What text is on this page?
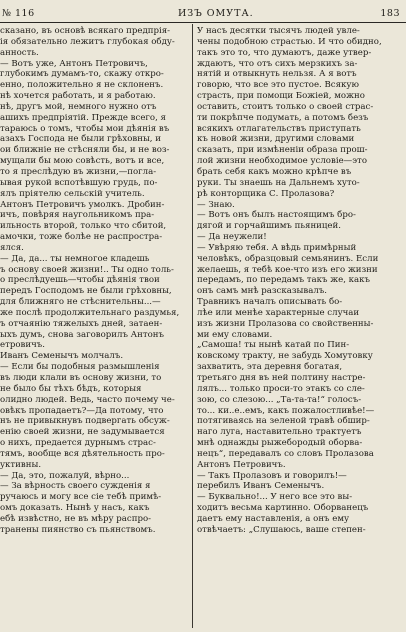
№ 116	ИЗЪ ОМУТА.	183
сказано, въ основѣ всякаго предпрія-
ія обязательно лежитъ глубокая обду-
анность.
— Вотъ уже, Антонъ Петровичъ,
глубокимъ думамъ-то, скажу откро-
енно, положительно я не склоненъ.
нѣ хочется работать, и я работаю.
нѣ, другъ мой, немного нужно отъ
ашихъ предпріятій. Прежде всего, я
тараюсь о томъ, чтобы мои дѣянія въ
азахъ Господа не были грѣховны, и
ои ближніе не стѣсняли бы, и не воз-
мущали бы мою совѣсть, вотъ и все,
то я преслѣдую въ жизни,—погла-
ывая рукой вспотѣвшую грудь, по-
ялъ пріятелю сельскій учитель.
Антонъ Петровичъ умолкъ. Дробин-
ичъ, повѣряя наугольникомъ пра-
ильность второй, только что сбитой,
амочки, тоже болѣе не распростра-
ялся.
— Да, да... ты немногое кладешь
ъ основу своей жизни!.. Ты одно толь-
о преслѣдуешь—чтобы дѣянія твои
передъ Господомъ не были грѣховны,
для ближняго не стѣснительны...—
же послѣ продолжительнаго раздумья,
ъ отчаянію тяжелыхъ дней, затаен-
ыхъ думъ, снова заговорилъ Антонъ
етровичъ.
Иванъ Семенычъ молчалъ.
— Если бы подобныя размышленія
въ люди клали въ основу жизни, то
не было бы тѣхъ бѣдъ, которыя
олидно людей. Ведь, часто почему че-
овѣкъ пропадаетъ?—Да потому, что
нъ не привыкнувъ подвергать обсуж-
енію своей жизни, не задумывается
о нихъ, предается дурнымъ страс-
тямъ, вообще вся дѣятельность про-
уктивны.
— Да, это, пожалуй, вѣрно...
— За вѣрность своего сужденія я
ручаюсь и могу все сіе тебѣ примѣ-
омъ доказать. Нынѣ у насъ, какъ
ебѣ извѣстно, не въ мѣру распро-
транены пиянство съ пьянствомъ.
У насъ десятки тысячъ людей увле-
чены подобною страстью. И что обидно,
такъ это то, что думаютъ, даже утвер-
ждаютъ, что отъ сихъ мерзкихъ за-
нятій и отвыкнуть нельзя. А я вотъ
говорю, что все это пустое. Всякую
страсть, при помощи Божіей, можно
оставить, стоитъ только о своей страс-
ти покрѣпче подумать, а потомъ безъ
всякихъ отлагательствъ приступать
къ новой жизни, другими словами
сказать, при измѣненіи образа прош-
лой жизни необходимое условіе—это
брать себя какъ можно крѣпче въ
руки. Ты знаешь на Дальнемъ хуто-
рѣ конторщика С. Пролазова?
— Знаю.
— Вотъ онъ былъ настоящимъ бро-
дягой и горчайшимъ пьяницей.
— Да неужели!
— Увѣряю тебя. А вѣдь примѣрный
человѣкъ, образцовый семьянинъ. Если
желаешь, я тебѣ кое-что изъ его жизни
передамъ, по передамъ такъ же, какъ
онъ самъ мнѣ разсказывалъ.
Травникъ началъ описывать бо-
лѣе или менѣе характерные случаи
изъ жизни Пролазова со свойственны-
ми ему словами.
„Самоша! ты нынѣ катай по Пин-
ковскому тракту, не забудь Хомутовку
захватить, эта деревня богатая,
третьяго дня въ ней полтину настре-
лялъ... только проси-то этакъ со сле-
зою, со слезою... „Та-та-та!“ голосъ-
то... ки..е..емъ, какъ пожалостливѣе!—
потягиваясь на зеленой травѣ обшир-
наго луга, наставительно трактуетъ
мнѣ однажды рыжебородый оборва-
нецъ“, передавалъ со словъ Пролазова
Антонъ Петровичъ.
— Такъ Пролазовъ и говорилъ!—
перебилъ Иванъ Семенычъ.
— Буквально!... У него все это вы-
ходитъ весьма картинно. Оборванецъ
даетъ ему наставленія, а онъ ему
отвѣчаетъ: „Слушаюсь, ваше степен-
